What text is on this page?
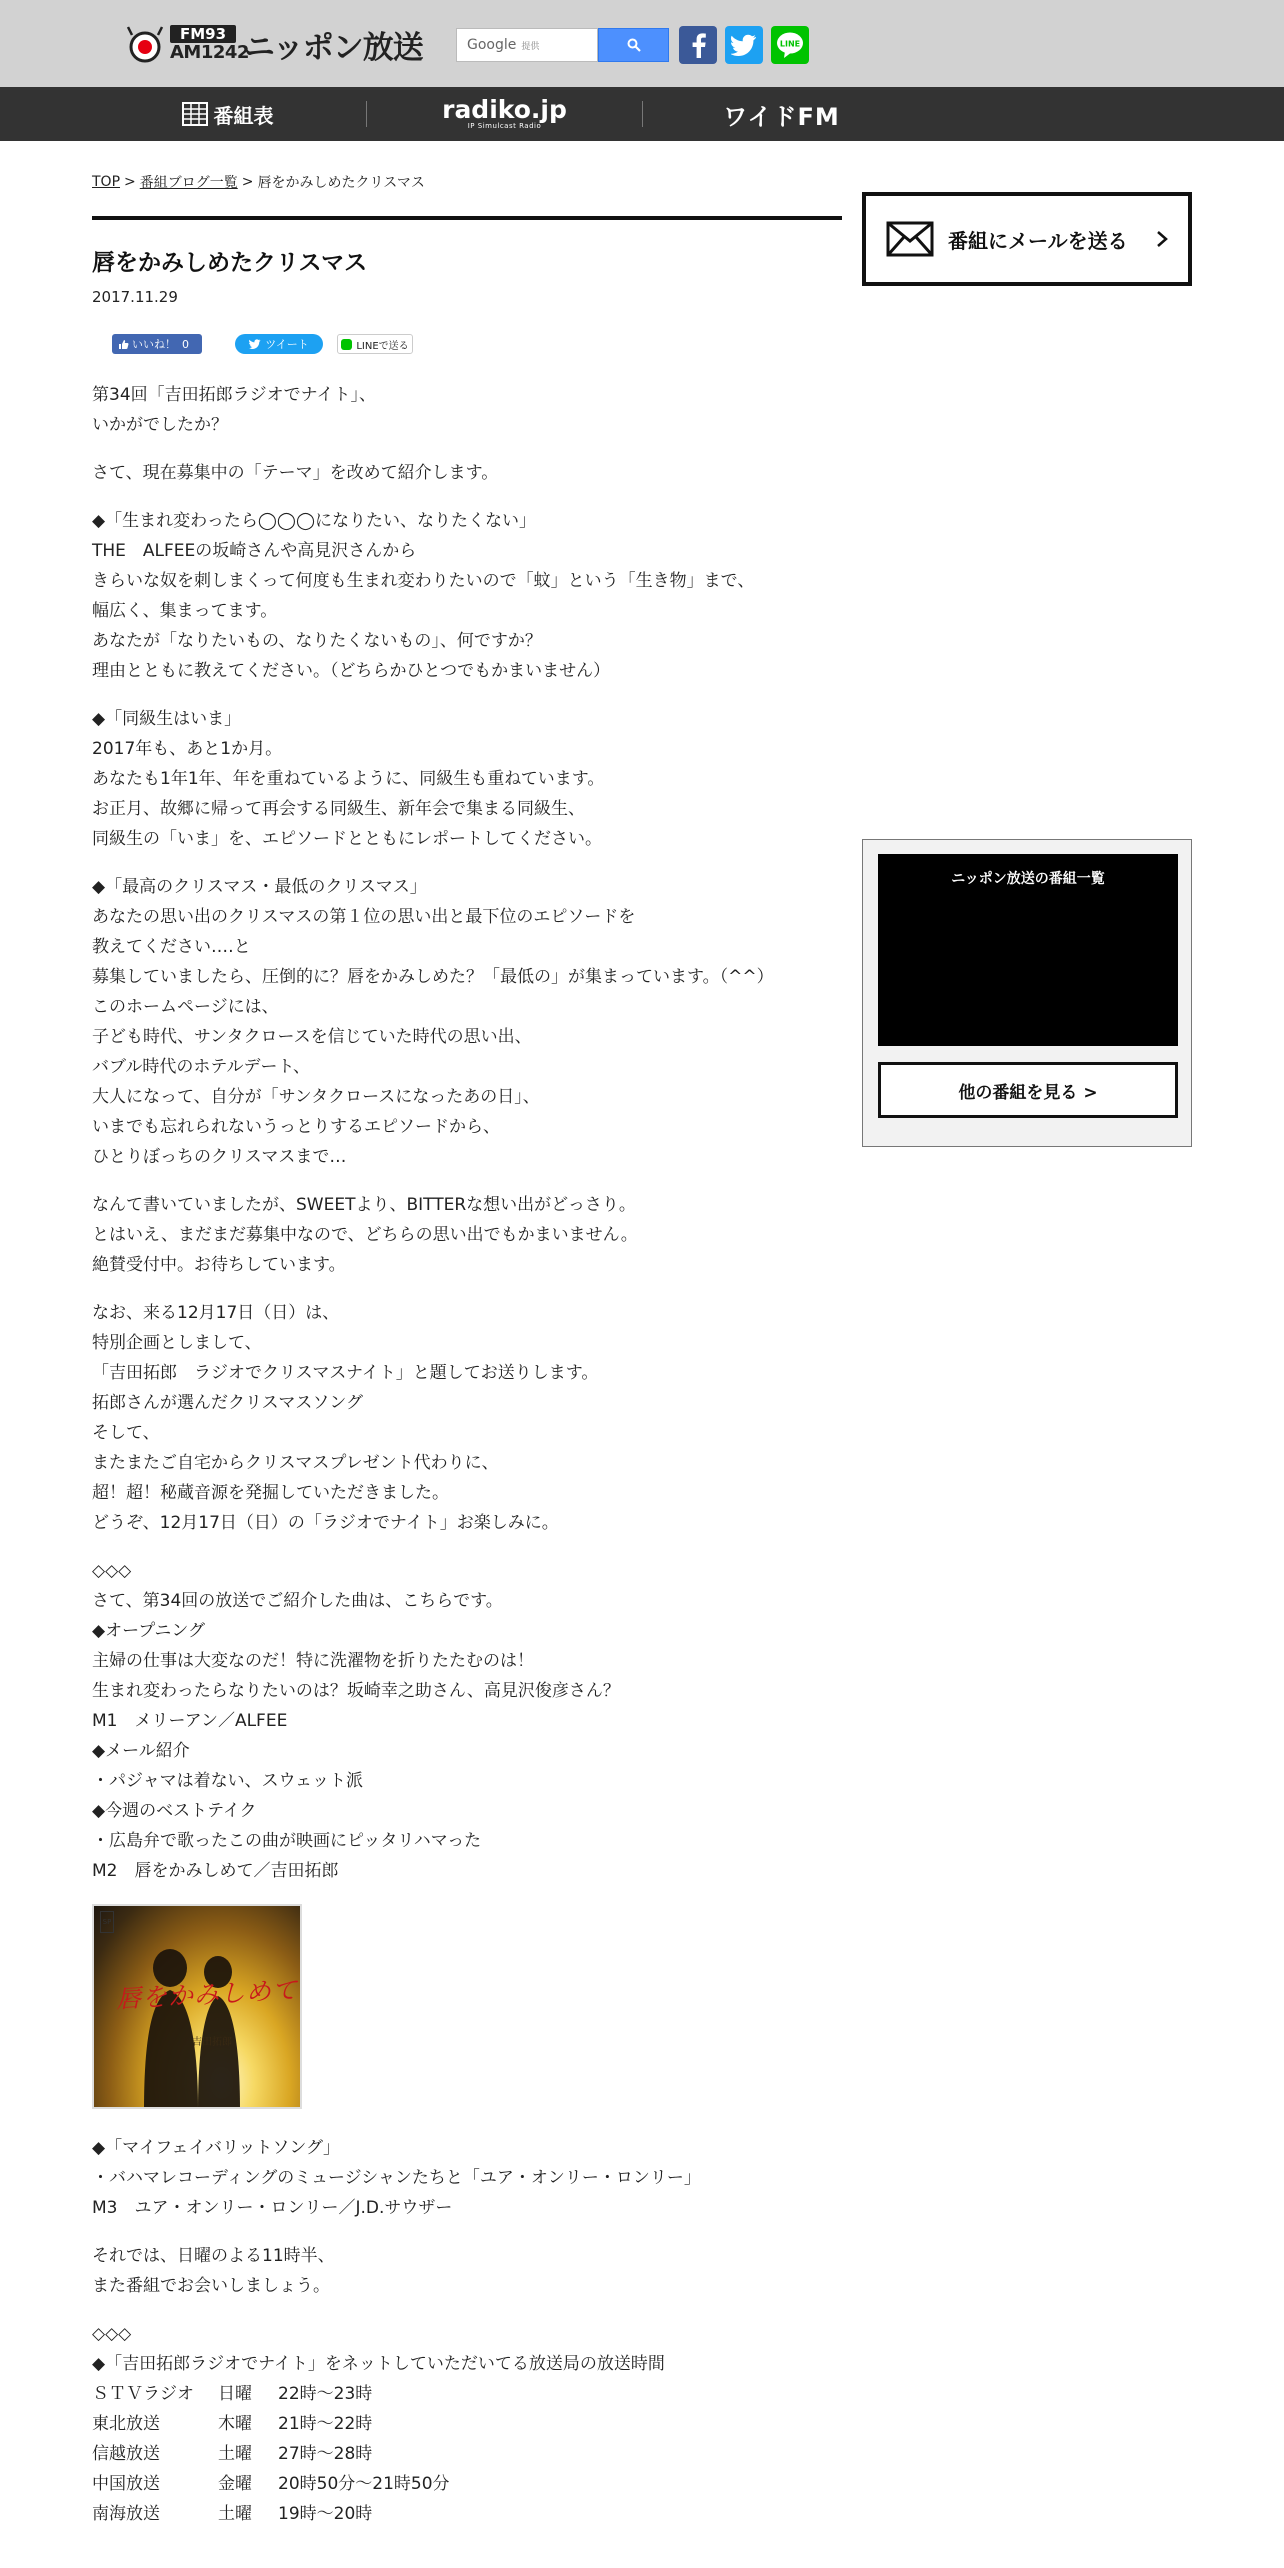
FM93
AM1242
ニッポン放送	Google 提供	LINE
番組表	radiko.jp
IP Simulcast Radio	ワイドFM
TOP > 番組ブログ一覧 > 唇をかみしめたクリスマス
唇をかみしめたクリスマス
2017.11.29
いいね！ 0	ツイート	LINEで送る
第34回「吉田拓郎ラジオでナイト」、
いかがでしたか？
さて、現在募集中の「テーマ」を改めて紹介します。
◆「生まれ変わったら◯◯◯になりたい、なりたくない」
THE　ALFEEの坂崎さんや高見沢さんから
きらいな奴を刺しまくって何度も生まれ変わりたいので「蚊」という「生き物」まで、
幅広く、集まってます。
あなたが「なりたいもの、なりたくないもの」、何ですか？
理由とともに教えてください。（どちらかひとつでもかまいません）
◆「同級生はいま」
2017年も、あと1か月。
あなたも1年1年、年を重ねているように、同級生も重ねています。
お正月、故郷に帰って再会する同級生、新年会で集まる同級生、
同級生の「いま」を、エピソードとともにレポートしてください。
◆「最高のクリスマス・最低のクリスマス」
あなたの思い出のクリスマスの第１位の思い出と最下位のエピソードを
教えてください‥‥と
募集していましたら、圧倒的に？唇をかみしめた？「最低の」が集まっています。（^^）
このホームページには、
子ども時代、サンタクロースを信じていた時代の思い出、
バブル時代のホテルデート、
大人になって、自分が「サンタクロースになったあの日」、
いまでも忘れられないうっとりするエピソードから、
ひとりぼっちのクリスマスまで…
なんて書いていましたが、SWEETより、BITTERな想い出がどっさり。
とはいえ、まだまだ募集中なので、どちらの思い出でもかまいません。
絶賛受付中。お待ちしています。
なお、来る12月17日（日）は、
特別企画としまして、
「吉田拓郎　ラジオでクリスマスナイト」と題してお送りします。
拓郎さんが選んだクリスマスソング
そして、
またまたご自宅からクリスマスプレゼント代わりに、
超！超！秘蔵音源を発掘していただきました。
どうぞ、12月17日（日）の「ラジオでナイト」お楽しみに。
◇◇◇
さて、第34回の放送でご紹介した曲は、こちらです。
◆オープニング
主婦の仕事は大変なのだ！特に洗濯物を折りたたむのは！
生まれ変わったらなりたいのは？坂崎幸之助さん、高見沢俊彦さん？
M1　メリーアン／ALFEE
◆メール紹介
・パジャマは着ない、スウェット派
◆今週のベストテイク
・広島弁で歌ったこの曲が映画にピッタリハマった
M2　唇をかみしめて／吉田拓郎
SP
唇をかみしめて
吉田拓郎
◆「マイフェイバリットソング」
・バハマレコーディングのミュージシャンたちと「ユア・オンリー・ロンリー」
M3　ユア・オンリー・ロンリー／J.D.サウザー
それでは、日曜のよる11時半、
また番組でお会いしましょう。
◇◇◇
◆「吉田拓郎ラジオでナイト」をネットしていただいてる放送局の放送時間
ＳＴＶラジオ	日曜	22時～23時
東北放送	木曜	21時～22時
信越放送	土曜	27時～28時
中国放送	金曜	20時50分～21時50分
南海放送	土曜	19時～20時
番組にメールを送る
ニッポン放送の番組一覧
他の番組を見る >
